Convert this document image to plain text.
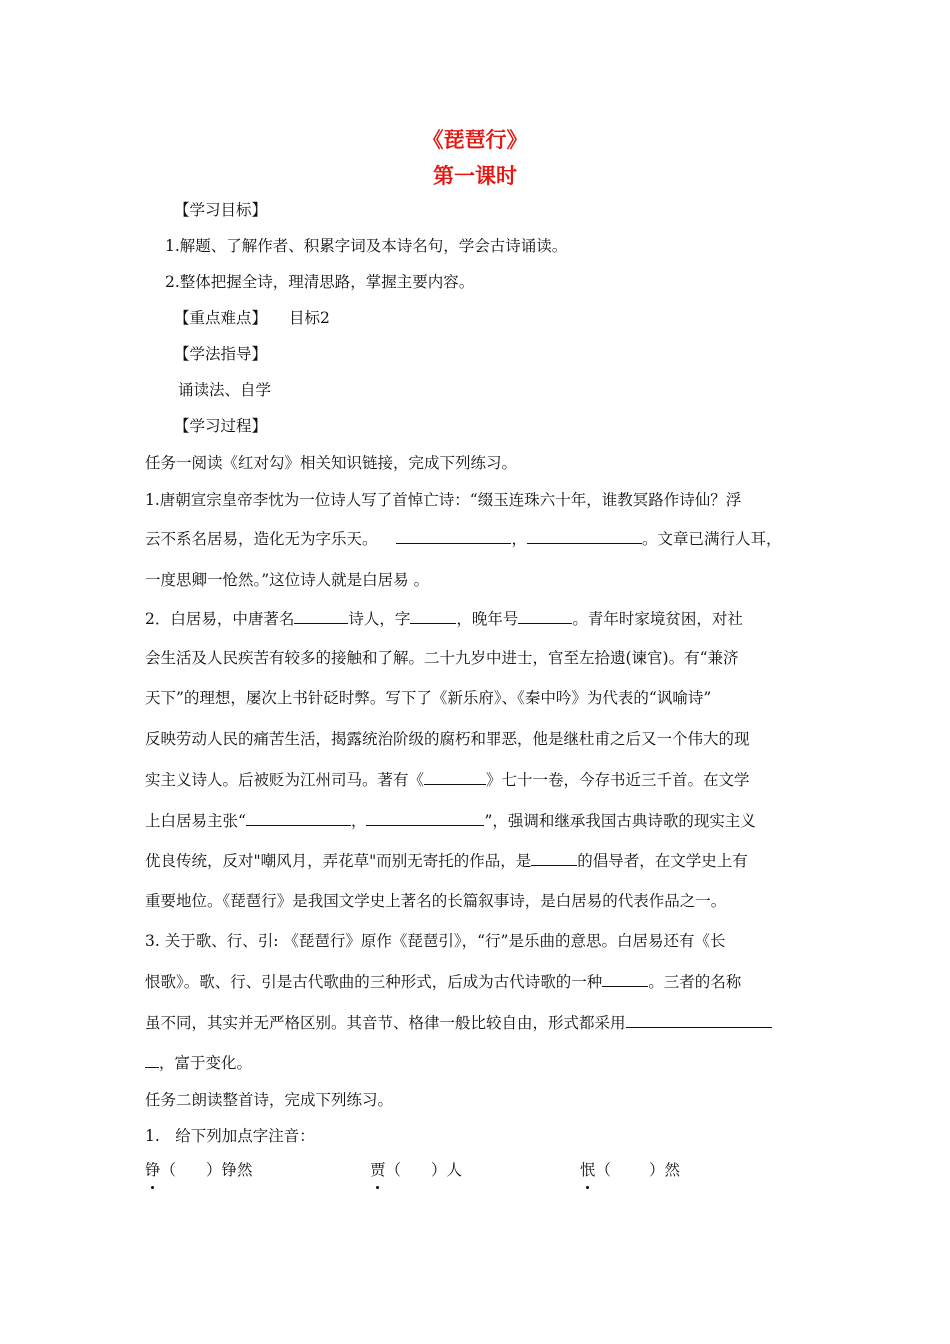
《琵琶行》
第一课时
【学习目标】
1.解题、了解作者、积累字词及本诗名句，学会古诗诵读。
2.整体把握全诗，理清思路，掌握主要内容。
【重点难点】 目标2
【学法指导】
诵读法、自学
【学习过程】
任务一阅读《红对勾》相关知识链接，完成下列练习。
1.唐朝宣宗皇帝李忱为一位诗人写了首悼亡诗：“缀玉连珠六十年，谁教冥路作诗仙？浮
云不系名居易，造化无为字乐天。	，	。文章已满行人耳，
一度思卿一怆然。”这位诗人就是白居易 。
2．白居易，中唐著名	诗人，字	，晚年号	。青年时家境贫困，对社
会生活及人民疾苦有较多的接触和了解。二十九岁中进士，官至左拾遗(谏官)。有“兼济
天下”的理想，屡次上书针砭时弊。写下了《新乐府》、《秦中吟》为代表的“讽喻诗”
反映劳动人民的痛苦生活，揭露统治阶级的腐朽和罪恶，他是继杜甫之后又一个伟大的现
实主义诗人。后被贬为江州司马。著有《	》七十一卷，今存书近三千首。在文学
上白居易主张“	，	”，强调和继承我国古典诗歌的现实主义
优良传统，反对"嘲风月，弄花草"而别无寄托的作品，是	的倡导者，在文学史上有
重要地位。《琵琶行》是我国文学史上著名的长篇叙事诗，是白居易的代表作品之一。
3. 关于歌、行、引: 《琵琶行》原作《琵琶引》，“行”是乐曲的意思。白居易还有《长
恨歌》。歌、行、引是古代歌曲的三种形式，后成为古代诗歌的一种	。三者的名称
虽不同，其实并无严格区别。其音节、格律一般比较自由，形式都采用
，富于变化。
任务二朗读整首诗，完成下列练习。
1.　给下列加点字注音：
铮（ ）铮然	贾（ ）人	怋（ ）然
